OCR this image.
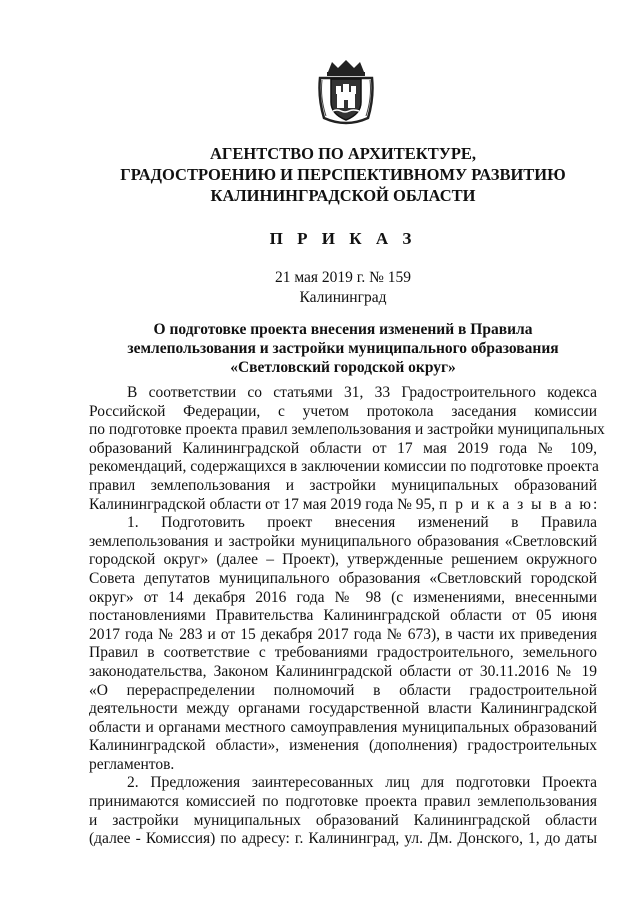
АГЕНТСТВО ПО АРХИТЕКТУРЕ,
ГРАДОСТРОЕНИЮ И ПЕРСПЕКТИВНОМУ РАЗВИТИЮ
КАЛИНИНГРАДСКОЙ ОБЛАСТИ
П Р И К А З
21 мая 2019 г. № 159
Калининград
О подготовке проекта внесения изменений в Правила
землепользования и застройки муниципального образования
«Светловский городской округ»
В соответствии со статьями 31, 33 Градостроительного кодекса
Российской Федерации, с учетом протокола заседания комиссии
по подготовке проекта правил землепользования и застройки муниципальных
образований Калининградской области от 17 мая 2019 года № 109,
рекомендаций, содержащихся в заключении комиссии по подготовке проекта
правил землепользования и застройки муниципальных образований
Калининградской области от 17 мая 2019 года № 95, п р и к а з ы в а ю:
1. Подготовить проект внесения изменений в Правила
землепользования и застройки муниципального образования «Светловский
городской округ» (далее – Проект), утвержденные решением окружного
Совета депутатов муниципального образования «Светловский городской
округ» от 14 декабря 2016 года № 98 (с изменениями, внесенными
постановлениями Правительства Калининградской области от 05 июня
2017 года № 283 и от 15 декабря 2017 года № 673), в части их приведения
Правил в соответствие с требованиями градостроительного, земельного
законодательства, Законом Калининградской области от 30.11.2016 № 19
«О перераспределении полномочий в области градостроительной
деятельности между органами государственной власти Калининградской
области и органами местного самоуправления муниципальных образований
Калининградской области», изменения (дополнения) градостроительных
регламентов.
2. Предложения заинтересованных лиц для подготовки Проекта
принимаются комиссией по подготовке проекта правил землепользования
и застройки муниципальных образований Калининградской области
(далее - Комиссия) по адресу: г. Калининград, ул. Дм. Донского, 1, до даты
